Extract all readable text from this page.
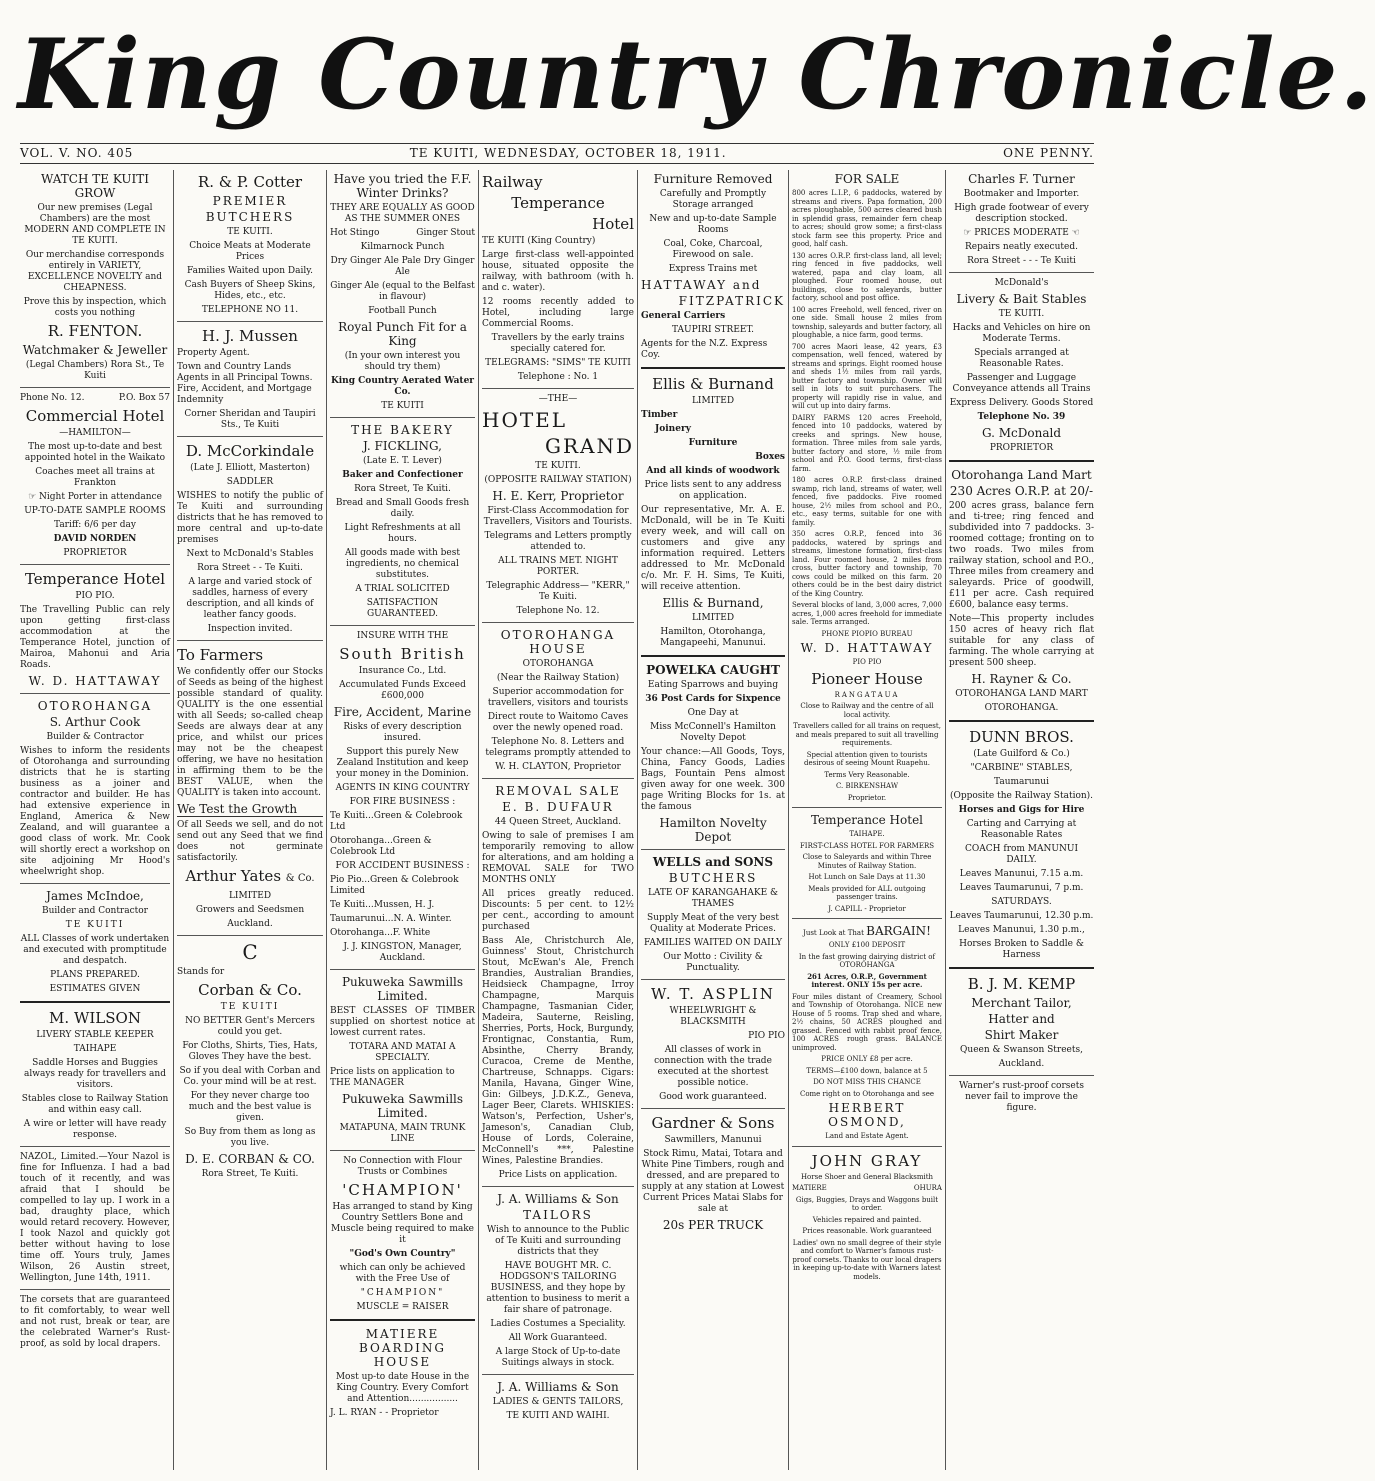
King Country Chronicle.
VOL. V. NO. 405	TE KUITI, WEDNESDAY, OCTOBER 18, 1911.	ONE PENNY.
WATCH TE KUITI GROW
Our new premises (Legal Chambers) are the most MODERN AND COMPLETE IN TE KUITI.
Our merchandise corresponds entirely in VARIETY, EXCELLENCE NOVELTY and CHEAPNESS.
Prove this by inspection, which costs you nothing
R. FENTON.
Watchmaker & Jeweller
(Legal Chambers) Rora St., Te Kuiti
Phone No. 12.	P.O. Box 57
Commercial Hotel
—HAMILTON—
The most up-to-date and best appointed hotel in the Waikato
Coaches meet all trains at Frankton
☞ Night Porter in attendance
UP-TO-DATE SAMPLE ROOMS
Tariff: 6/6 per day
DAVID NORDEN
PROPRIETOR
Temperance Hotel
PIO PIO.
The Travelling Public can rely upon getting first-class accommodation at the Temperance Hotel, junction of Mairoa, Mahonui and Aria Roads.
W. D. HATTAWAY
OTOROHANGA
S. Arthur Cook
Builder & Contractor
Wishes to inform the residents of Otorohanga and surrounding districts that he is starting business as a joiner and contractor and builder. He has had extensive experience in England, America & New Zealand, and will guarantee a good class of work. Mr. Cook will shortly erect a workshop on site adjoining Mr Hood's wheelwright shop.
James McIndoe,
Builder and Contractor
TE KUITI
ALL Classes of work undertaken and executed with promptitude and despatch.
PLANS PREPARED.
ESTIMATES GIVEN
M. WILSON
LIVERY STABLE KEEPER
TAIHAPE
Saddle Horses and Buggies always ready for travellers and visitors.
Stables close to Railway Station and within easy call.
A wire or letter will have ready response.
NAZOL, Limited.—Your Nazol is fine for Influenza. I had a bad touch of it recently, and was afraid that I should be compelled to lay up. I work in a bad, draughty place, which would retard recovery. However, I took Nazol and quickly got better without having to lose time off. Yours truly, James Wilson, 26 Austin street, Wellington, June 14th, 1911.
The corsets that are guaranteed to fit comfortably, to wear well and not rust, break or tear, are the celebrated Warner's Rust-proof, as sold by local drapers.
R. & P. Cotter
PREMIER
BUTCHERS
TE KUITI.
Choice Meats at Moderate Prices
Families Waited upon Daily.
Cash Buyers of Sheep Skins, Hides, etc., etc.
TELEPHONE NO 11.
H. J. Mussen
Property Agent.
Town and Country Lands Agents in all Principal Towns. Fire, Accident, and Mortgage Indemnity
Corner Sheridan and Taupiri Sts., Te Kuiti
D. McCorkindale
(Late J. Elliott, Masterton)
SADDLER
WISHES to notify the public of Te Kuiti and surrounding districts that he has removed to more central and up-to-date premises
Next to McDonald's Stables
Rora Street - - Te Kuiti.
A large and varied stock of saddles, harness of every description, and all kinds of leather fancy goods.
Inspection invited.
To Farmers
We confidently offer our Stocks of Seeds as being of the highest possible standard of quality. QUALITY is the one essential with all Seeds; so-called cheap Seeds are always dear at any price, and whilst our prices may not be the cheapest offering, we have no hesitation in affirming them to be the BEST VALUE, when the QUALITY is taken into account.
We Test the Growth
Of all Seeds we sell, and do not send out any Seed that we find does not germinate satisfactorily.
Arthur Yates & Co.
LIMITED
Growers and Seedsmen
Auckland.
C
Stands for
Corban & Co.
TE KUITI
NO BETTER Gent's Mercers could you get.
For Cloths, Shirts, Ties, Hats, Gloves They have the best.
So if you deal with Corban and Co. your mind will be at rest.
For they never charge too much and the best value is given.
So Buy from them as long as you live.
D. E. CORBAN & CO.
Rora Street, Te Kuiti.
Have you tried the F.F. Winter Drinks?
THEY ARE EQUALLY AS GOOD AS THE SUMMER ONES
Hot Stingo	Ginger Stout
Kilmarnock Punch
Dry Ginger Ale Pale Dry Ginger Ale
Ginger Ale (equal to the Belfast in flavour)
Football Punch
Royal Punch Fit for a King
(In your own interest you should try them)
King Country Aerated Water Co.
TE KUITI
THE BAKERY
J. FICKLING,
(Late E. T. Lever)
Baker and Confectioner
Rora Street, Te Kuiti.
Bread and Small Goods fresh daily.
Light Refreshments at all hours.
All goods made with best ingredients, no chemical substitutes.
A TRIAL SOLICITED
SATISFACTION GUARANTEED.
INSURE WITH THE
South British
Insurance Co., Ltd.
Accumulated Funds Exceed £600,000
Fire, Accident, Marine
Risks of every description insured.
Support this purely New Zealand Institution and keep your money in the Dominion.
AGENTS IN KING COUNTRY
FOR FIRE BUSINESS :
Te Kuiti...Green & Colebrook Ltd
Otorohanga...Green & Colebrook Ltd
FOR ACCIDENT BUSINESS :
Pio Pio...Green & Colebrook Limited
Te Kuiti...Mussen, H. J.
Taumarunui...N. A. Winter.
Otorohanga...F. White
J. J. KINGSTON, Manager, Auckland.
Pukuweka Sawmills Limited.
BEST CLASSES OF TIMBER supplied on shortest notice at lowest current rates.
TOTARA AND MATAI A SPECIALTY.
Price lists on application to THE MANAGER
Pukuweka Sawmills Limited.
MATAPUNA, MAIN TRUNK LINE
No Connection with Flour Trusts or Combines
'CHAMPION'
Has arranged to stand by King Country Settlers Bone and Muscle being required to make it
"God's Own Country"
which can only be achieved with the Free Use of
"CHAMPION"
MUSCLE = RAISER
MATIERE BOARDING HOUSE
Most up-to date House in the King Country. Every Comfort and Attention.................
J. L. RYAN - - Proprietor
Railway
Temperance
Hotel
TE KUITI (King Country)
Large first-class well-appointed house, situated opposite the railway, with bathroom (with h. and c. water).
12 rooms recently added to Hotel, including large Commercial Rooms.
Travellers by the early trains specially catered for.
TELEGRAMS: "SIMS" TE KUITI
Telephone : No. 1
—THE—
HOTEL
GRAND
TE KUITI.
(OPPOSITE RAILWAY STATION)
H. E. Kerr, Proprietor
First-Class Accommodation for Travellers, Visitors and Tourists.
Telegrams and Letters promptly attended to.
ALL TRAINS MET. NIGHT PORTER.
Telegraphic Address— "KERR," Te Kuiti.
Telephone No. 12.
OTOROHANGA HOUSE
OTOROHANGA
(Near the Railway Station)
Superior accommodation for travellers, visitors and tourists
Direct route to Waitomo Caves over the newly opened road.
Telephone No. 8. Letters and telegrams promptly attended to
W. H. CLAYTON, Proprietor
REMOVAL SALE
E. B. DUFAUR
44 Queen Street, Auckland.
Owing to sale of premises I am temporarily removing to allow for alterations, and am holding a REMOVAL SALE for TWO MONTHS ONLY
All prices greatly reduced. Discounts: 5 per cent. to 12½ per cent., according to amount purchased
Bass Ale, Christchurch Ale, Guinness' Stout, Christchurch Stout, McEwan's Ale, French Brandies, Australian Brandies, Heidsieck Champagne, Irroy Champagne, Marquis Champagne, Tasmanian Cider, Madeira, Sauterne, Reisling, Sherries, Ports, Hock, Burgundy, Frontignac, Constantia, Rum, Absinthe, Cherry Brandy, Curacoa, Creme de Menthe, Chartreuse, Schnapps. Cigars: Manila, Havana, Ginger Wine, Gin: Gilbeys, J.D.K.Z., Geneva, Lager Beer, Clarets. WHISKIES: Watson's, Perfection, Usher's, Jameson's, Canadian Club, House of Lords, Coleraine, McConnell's ***, Palestine Wines, Palestine Brandies.
Price Lists on application.
J. A. Williams & Son
TAILORS
Wish to announce to the Public of Te Kuiti and surrounding districts that they
HAVE BOUGHT MR. C. HODGSON'S TAILORING BUSINESS, and they hope by attention to business to merit a fair share of patronage.
Ladies Costumes a Speciality.
All Work Guaranteed.
A large Stock of Up-to-date Suitings always in stock.
J. A. Williams & Son
LADIES & GENTS TAILORS,
TE KUITI AND WAIHI.
Furniture Removed
Carefully and Promptly Storage arranged
New and up-to-date Sample Rooms
Coal, Coke, Charcoal, Firewood on sale.
Express Trains met
HATTAWAY and
FITZPATRICK
General Carriers
TAUPIRI STREET.
Agents for the N.Z. Express Coy.
Ellis & Burnand
LIMITED
Timber
Joinery
Furniture
Boxes
And all kinds of woodwork
Price lists sent to any address on application.
Our representative, Mr. A. E. McDonald, will be in Te Kuiti every week, and will call on customers and give any information required. Letters addressed to Mr. McDonald c/o. Mr. F. H. Sims, Te Kuiti, will receive attention.
Ellis & Burnand,
LIMITED
Hamilton, Otorohanga, Mangapeehi, Manunui.
POWELKA CAUGHT
Eating Sparrows and buying
36 Post Cards for Sixpence
One Day at
Miss McConnell's Hamilton Novelty Depot
Your chance:—All Goods, Toys, China, Fancy Goods, Ladies Bags, Fountain Pens almost given away for one week. 300 page Writing Blocks for 1s. at the famous
Hamilton Novelty Depot
WELLS and SONS
BUTCHERS
LATE OF KARANGAHAKE & THAMES
Supply Meat of the very best Quality at Moderate Prices.
FAMILIES WAITED ON DAILY
Our Motto : Civility & Punctuality.
W. T. ASPLIN
WHEELWRIGHT & BLACKSMITH
PIO PIO
All classes of work in connection with the trade executed at the shortest possible notice.
Good work guaranteed.
Gardner & Sons
Sawmillers, Manunui
Stock Rimu, Matai, Totara and White Pine Timbers, rough and dressed, and are prepared to supply at any station at Lowest Current Prices Matai Slabs for sale at
20s PER TRUCK
FOR SALE
800 acres L.I.P., 6 paddocks, watered by streams and rivers. Papa formation, 200 acres ploughable, 500 acres cleared bush in splendid grass, remainder fern cheap to acres; should grow some; a first-class stock farm see this property. Price and good, half cash.
130 acres O.R.P. first-class land, all level; ring fenced in five paddocks, well watered, papa and clay loam, all ploughed. Four roomed house, out buildings, close to saleyards, butter factory, school and post office.
100 acres Freehold, well fenced, river on one side. Small house 2 miles from township, saleyards and butter factory, all ploughable, a nice farm, good terms.
700 acres Maori lease, 42 years, £3 compensation, well fenced, watered by streams and springs. Eight roomed house and sheds 1½ miles from rail yards, butter factory and township. Owner will sell in lots to suit purchasers. The property will rapidly rise in value, and will cut up into dairy farms.
DAIRY FARMS 120 acres Freehold, fenced into 10 paddocks, watered by creeks and springs. New house, formation. Three miles from sale yards, butter factory and store, ½ mile from school and P.O. Good terms, first-class farm.
180 acres O.R.P. first-class drained swamp, rich land, streams of water, well fenced, five paddocks. Five roomed house, 2½ miles from school and P.O., etc., easy terms, suitable for one with family.
350 acres O.R.P., fenced into 36 paddocks, watered by springs and streams, limestone formation, first-class land. Four roomed house, 2 miles from cross, butter factory and township, 70 cows could be milked on this farm. 20 others could be in the best dairy district of the King Country.
Several blocks of land, 3,000 acres, 7,000 acres, 1,000 acres freehold for immediate sale. Terms arranged.
PHONE PIOPIO BUREAU
W. D. HATTAWAY
PIO PIO
Pioneer House
RANGATAUA
Close to Railway and the centre of all local activity.
Travellers called for all trains on request, and meals prepared to suit all travelling requirements.
Special attention given to tourists desirous of seeing Mount Ruapehu.
Terms Very Reasonable.
C. BIRKENSHAW
Proprietor.
Temperance Hotel
TAIHAPE.
FIRST-CLASS HOTEL FOR FARMERS
Close to Saleyards and within Three Minutes of Railway Station.
Hot Lunch on Sale Days at 11.30
Meals provided for ALL outgoing passenger trains.
J. CAPILL - Proprietor
Just Look at That BARGAIN!
ONLY £100 DEPOSIT
In the fast growing dairying district of OTOROHANGA
261 Acres, O.R.P., Government interest. ONLY 15s per acre.
Four miles distant of Creamery, School and Township of Otorohanga. NICE new House of 5 rooms. Trap shed and whare, 2½ chains, 50 ACRES ploughed and grassed. Fenced with rabbit proof fence, 100 ACRES rough grass. BALANCE unimproved.
PRICE ONLY £8 per acre.
TERMS—£100 down, balance at 5
DO NOT MISS THIS CHANCE
Come right on to Otorohanga and see
HERBERT OSMOND,
Land and Estate Agent.
JOHN GRAY
Horse Shoer and General Blacksmith
MATIERE	OHURA
Gigs, Buggies, Drays and Waggons built to order.
Vehicles repaired and painted.
Prices reasonable. Work guaranteed
Ladies' own no small degree of their style and comfort to Warner's famous rust-proof corsets. Thanks to our local drapers in keeping up-to-date with Warners latest models.
Charles F. Turner
Bootmaker and Importer.
High grade footwear of every description stocked.
☞ PRICES MODERATE ☜
Repairs neatly executed.
Rora Street - - - Te Kuiti
McDonald's
Livery & Bait Stables
TE KUITI.
Hacks and Vehicles on hire on Moderate Terms.
Specials arranged at Reasonable Rates.
Passenger and Luggage Conveyance attends all Trains
Express Delivery. Goods Stored
Telephone No. 39
G. McDonald
PROPRIETOR
Otorohanga Land Mart
230 Acres O.R.P. at 20/-
200 acres grass, balance fern and ti-tree; ring fenced and subdivided into 7 paddocks. 3-roomed cottage; fronting on to two roads. Two miles from railway station, school and P.O., Three miles from creamery and saleyards. Price of goodwill, £11 per acre. Cash required £600, balance easy terms.
Note—This property includes 150 acres of heavy rich flat suitable for any class of farming. The whole carrying at present 500 sheep.
H. Rayner & Co.
OTOROHANGA LAND MART
OTOROHANGA.
DUNN BROS.
(Late Guilford & Co.)
"CARBINE" STABLES,
Taumarunui
(Opposite the Railway Station).
Horses and Gigs for Hire
Carting and Carrying at Reasonable Rates
COACH from MANUNUI DAILY.
Leaves Manunui, 7.15 a.m.
Leaves Taumarunui, 7 p.m.
SATURDAYS.
Leaves Taumarunui, 12.30 p.m.
Leaves Manunui, 1.30 p.m.,
Horses Broken to Saddle & Harness
B. J. M. KEMP
Merchant Tailor,
Hatter and
Shirt Maker
Queen & Swanson Streets,
Auckland.
Warner's rust-proof corsets never fail to improve the figure.
